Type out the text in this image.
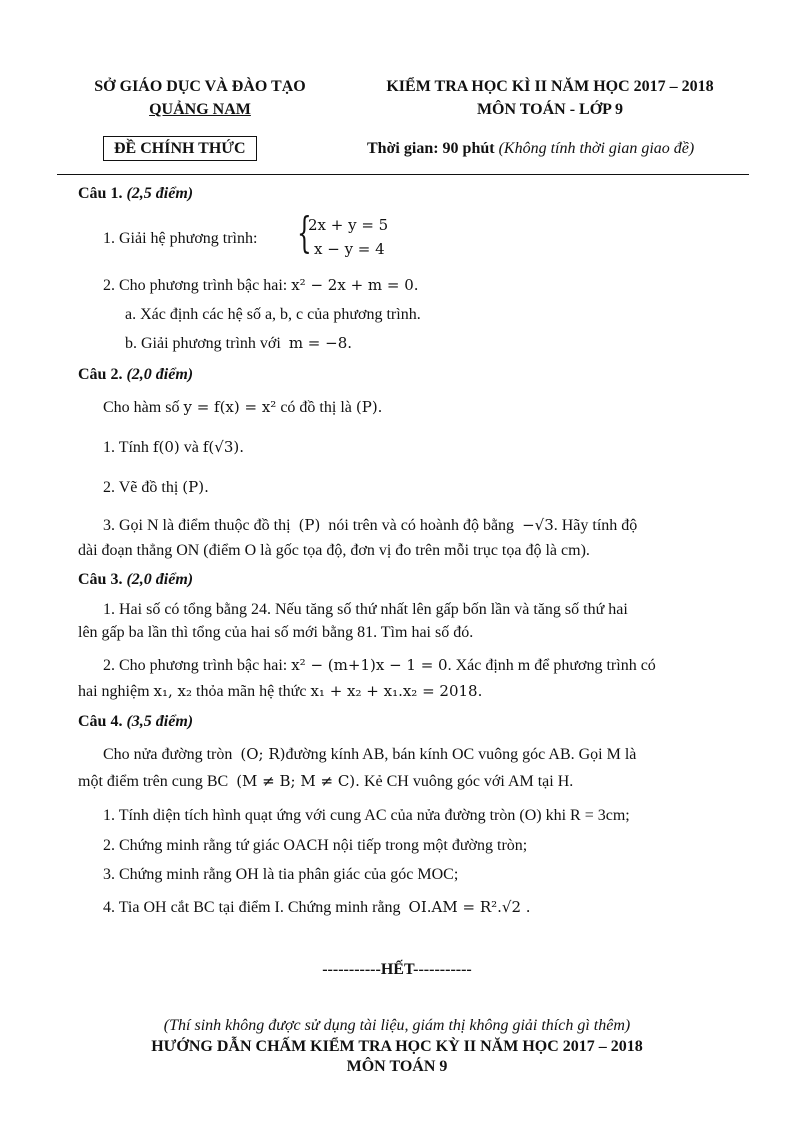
SỞ GIÁO DỤC VÀ ĐÀO TẠO
QUẢNG NAM
ĐỀ CHÍNH THỨC
KIỂM TRA HỌC KÌ II NĂM HỌC 2017 – 2018
MÔN TOÁN - LỚP 9
Thời gian: 90 phút (Không tính thời gian giao đề)
Câu 1. (2,5 điểm)
1. Giải hệ phương trình: {
2x + y = 5
x − y = 4
2. Cho phương trình bậc hai: x² − 2x + m = 0.
a. Xác định các hệ số a, b, c của phương trình.
b. Giải phương trình với m = −8.
Câu 2. (2,0 điểm)
Cho hàm số y = f(x) = x² có đồ thị là (P).
1. Tính f(0) và f(√3).
2. Vẽ đồ thị (P).
3. Gọi N là điểm thuộc đồ thị (P) nói trên và có hoành độ bằng −√3. Hãy tính độ
dài đoạn thẳng ON (điểm O là gốc tọa độ, đơn vị đo trên mỗi trục tọa độ là cm).
Câu 3. (2,0 điểm)
1. Hai số có tổng bằng 24. Nếu tăng số thứ nhất lên gấp bốn lần và tăng số thứ hai
lên gấp ba lần thì tổng của hai số mới bằng 81. Tìm hai số đó.
2. Cho phương trình bậc hai: x² − (m+1)x − 1 = 0. Xác định m để phương trình có
hai nghiệm x₁, x₂ thỏa mãn hệ thức x₁ + x₂ + x₁.x₂ = 2018.
Câu 4. (3,5 điểm)
Cho nửa đường tròn (O; R)đường kính AB, bán kính OC vuông góc AB. Gọi M là
một điểm trên cung BC (M ≠ B; M ≠ C). Kẻ CH vuông góc với AM tại H.
1. Tính diện tích hình quạt ứng với cung AC của nửa đường tròn (O) khi R = 3cm;
2. Chứng minh rằng tứ giác OACH nội tiếp trong một đường tròn;
3. Chứng minh rằng OH là tia phân giác của góc MOC;
4. Tia OH cắt BC tại điểm I. Chứng minh rằng OI.AM = R².√2 .
-----------HẾT-----------
(Thí sinh không được sử dụng tài liệu, giám thị không giải thích gì thêm)
HƯỚNG DẪN CHẤM KIỂM TRA HỌC KỲ II NĂM HỌC 2017 – 2018
MÔN TOÁN 9
